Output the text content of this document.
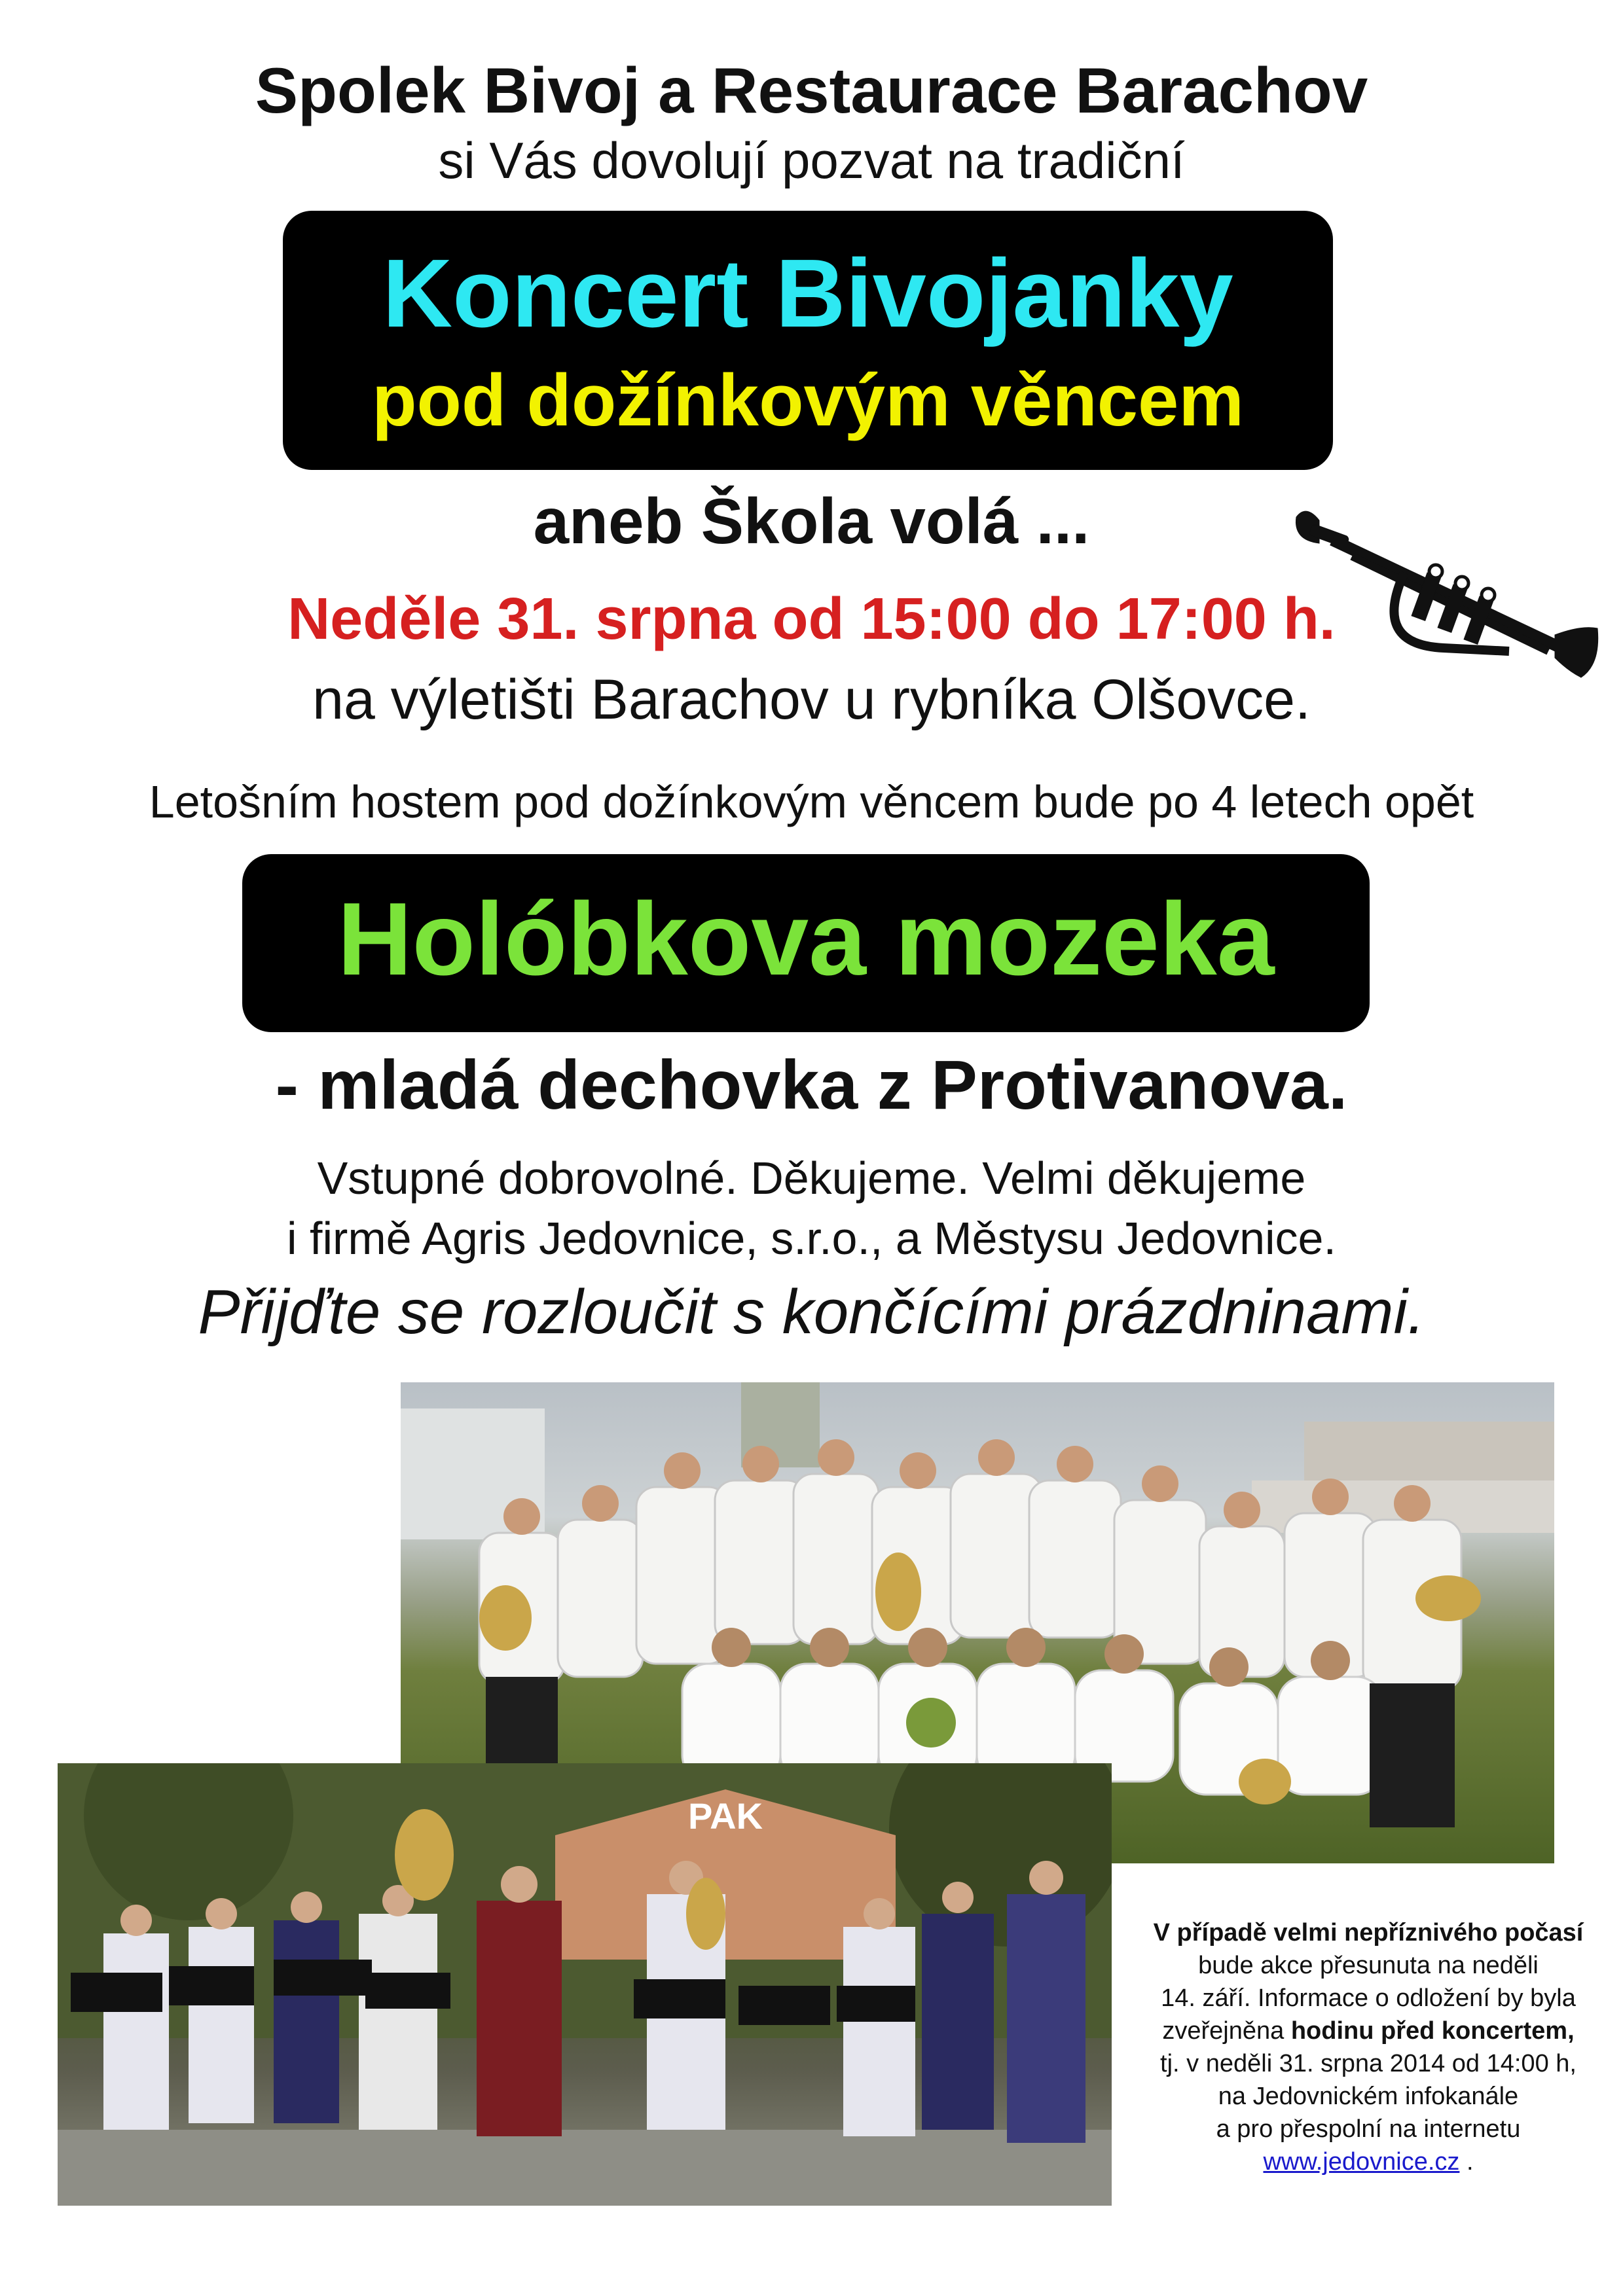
Spolek Bivoj a Restaurace Barachov
si Vás dovolují pozvat na tradiční
Koncert Bivojanky
pod dožínkovým věncem
aneb Škola volá ...
Neděle 31. srpna od 15:00 do 17:00 h.
na výletišti Barachov u rybníka Olšovce.
Letošním hostem pod dožínkovým věncem bude po 4 letech opět
Holóbkova mozeka
- mladá dechovka z Protivanova.
Vstupné dobrovolné. Děkujeme. Velmi děkujeme
i firmě Agris Jedovnice, s.r.o., a Městysu Jedovnice.
Přijďte se rozloučit s končícími prázdninami.
PAK
V případě velmi nepříznivého počasí
bude akce přesunuta na neděli
14. září. Informace o odložení by byla
zveřejněna hodinu před koncertem,
tj. v neděli 31. srpna 2014 od 14:00 h,
na Jedovnickém infokanále
a pro přespolní na internetu
www.jedovnice.cz .
